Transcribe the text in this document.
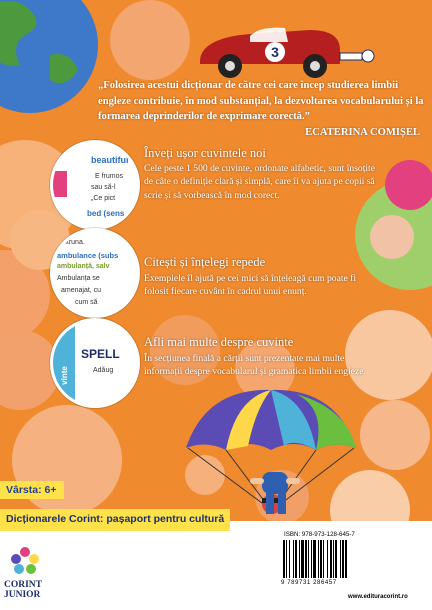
3
„Folosirea acestui dicționar de către cei care încep studierea limbii engleze contribuie, în mod substanțial, la dezvoltarea vocabularului și la formarea deprinderilor de exprimare corectă.”
ECATERINA COMIȘEL
beautiful
E frumos
sau să-l
„Ce pict
bed (sens
Înveți ușor cuvintele noi
Cele peste 1 500 de cuvinte, ordonate alfabetic, sunt însoțite de câte o definiție clară și simplă, care îi va ajuta pe copii să scrie și să vorbească în mod corect.
ntruna.
ambulance (subs
ambulanță, salv
Ambulanța se
amenajat, cu
cum să
Citești și înțelegi repede
Exemplele îl ajută pe cei mici să înțeleagă cum poate fi folosit fiecare cuvânt în cadrul unui enunț.
vinte
SPELL
Adăug
Afli mai multe despre cuvinte
În secțiunea finală a cărții sunt prezentate mai multe informații despre vocabularul și gramatica limbii engleze.
Vârsta: 6+
Dicționarele Corint: pașaport pentru cultură
CORINT
JUNIOR
ISBN: 978-973-128-645-7
9 789731 286457
www.edituracorint.ro
